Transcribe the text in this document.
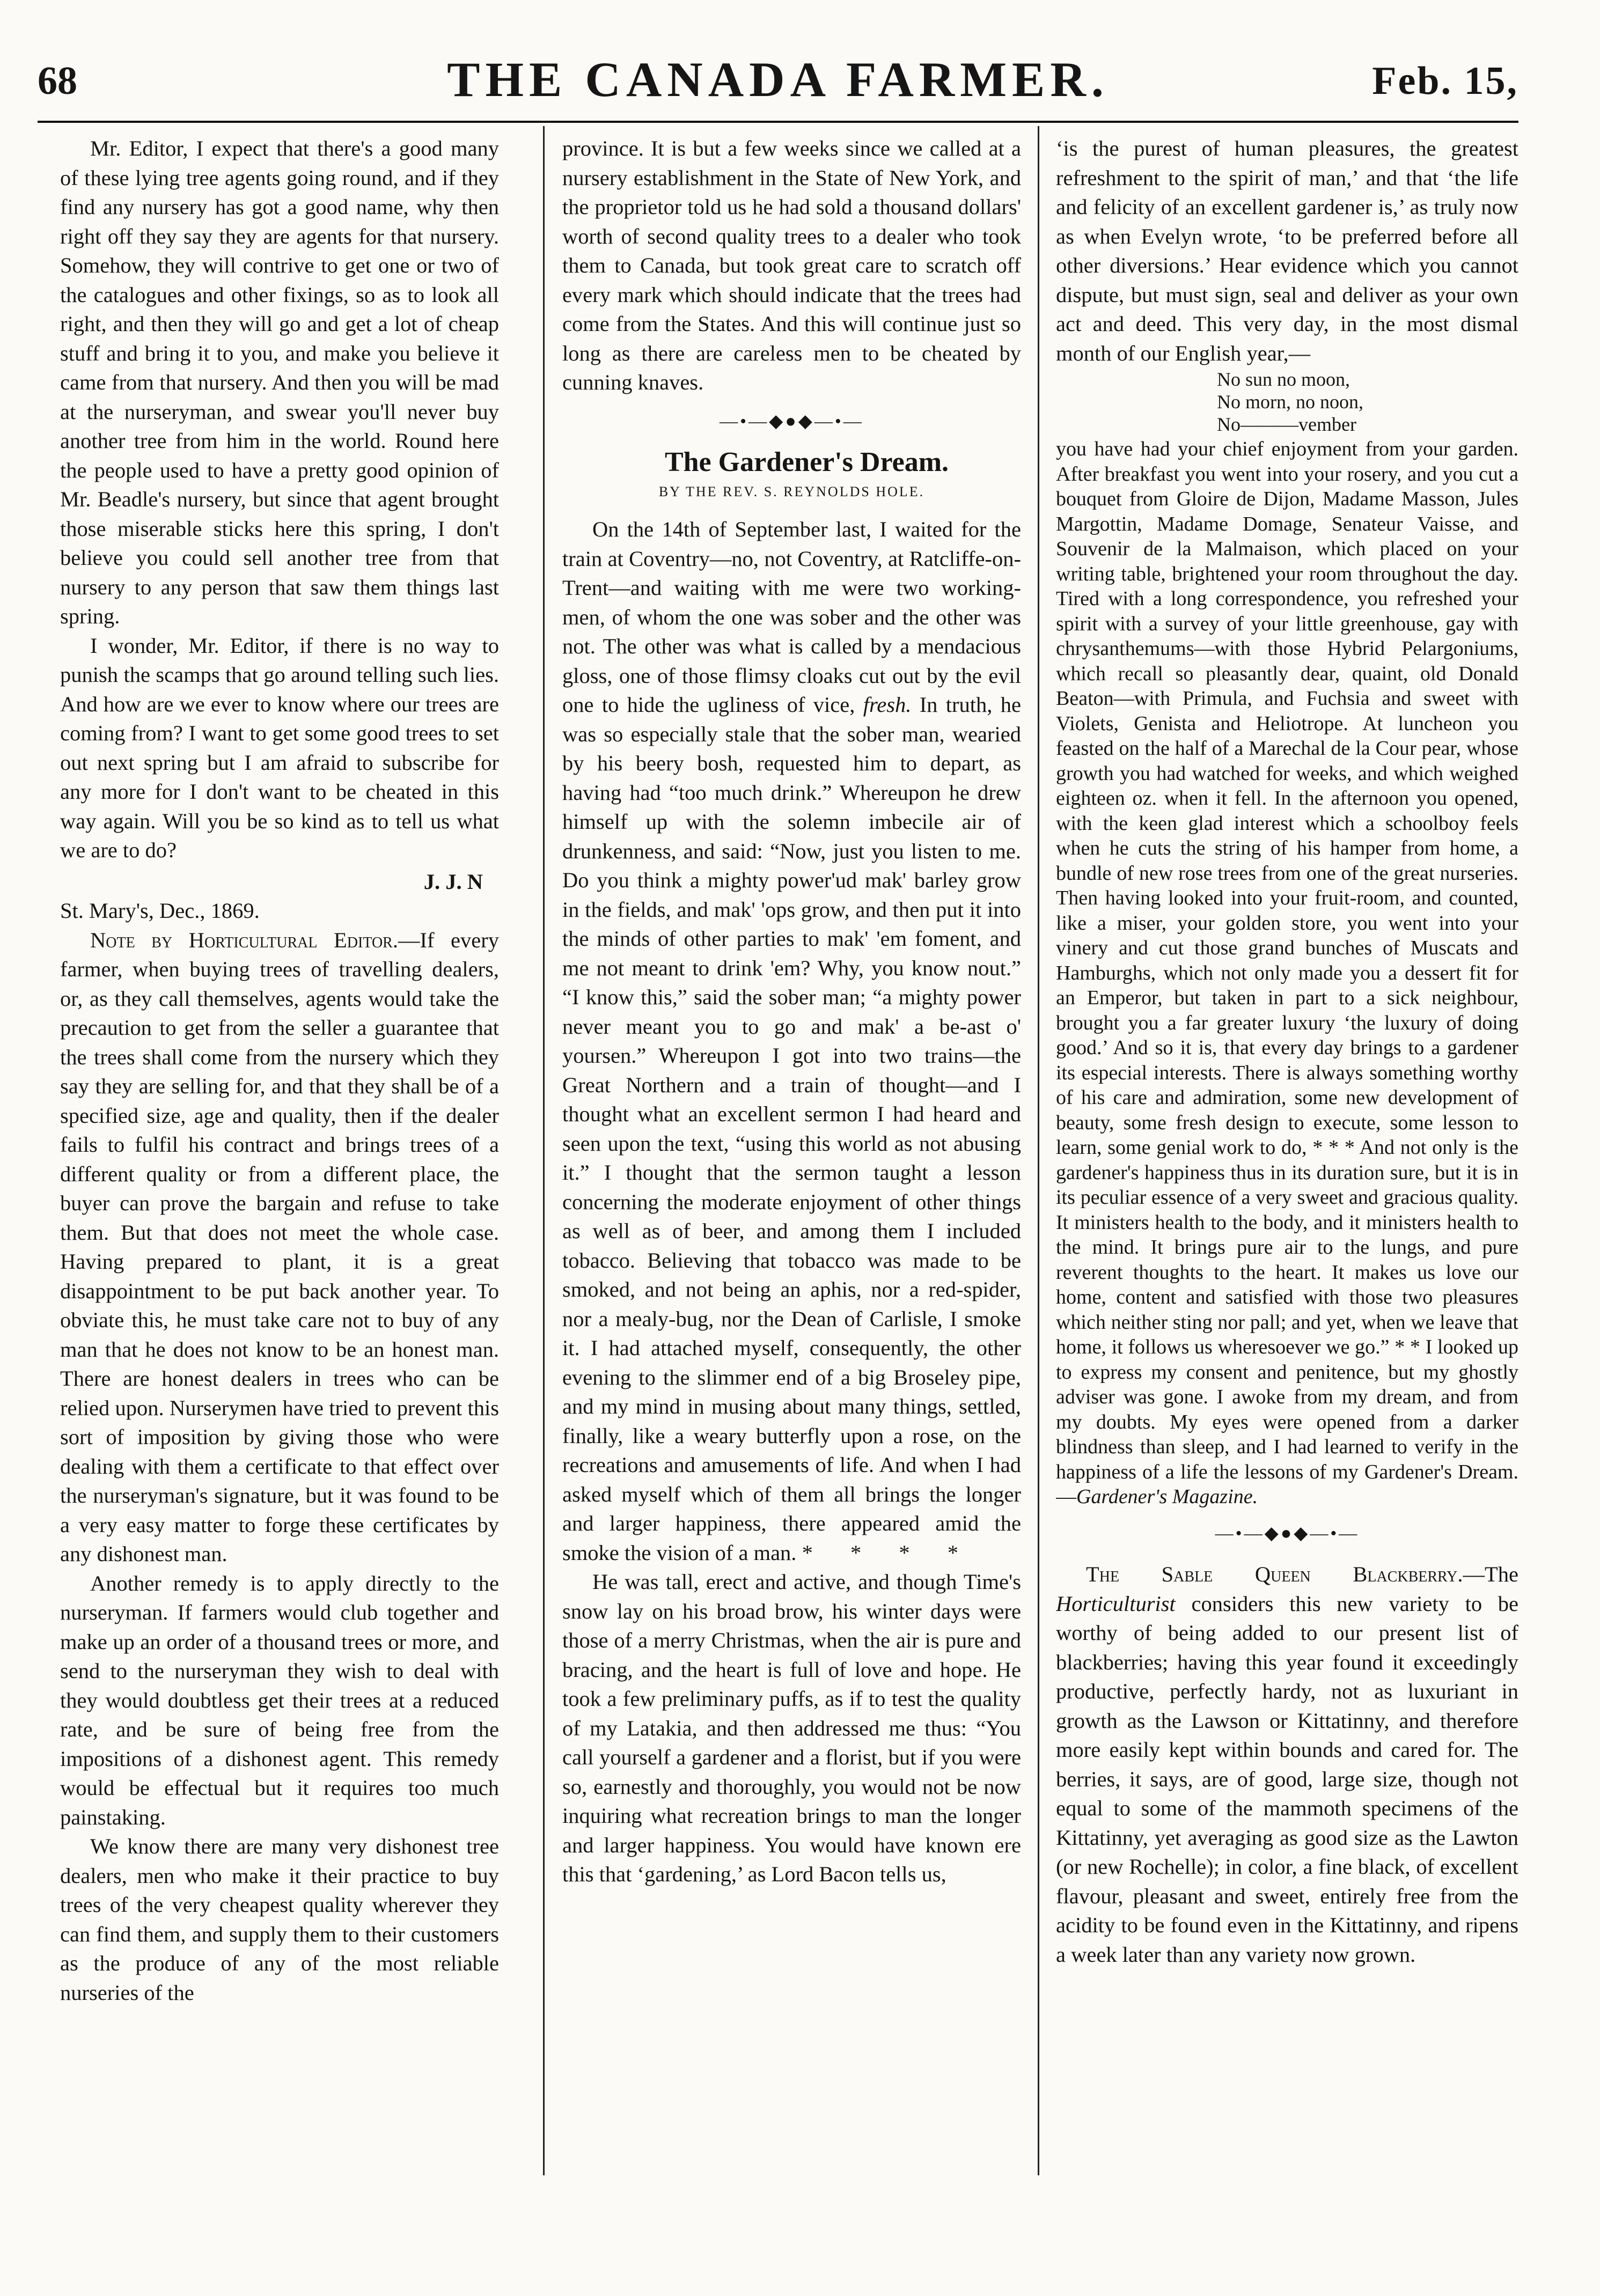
68	THE CANADA FARMER.	Feb. 15,

Mr. Editor, I expect that there's a good many of these lying tree agents going round, and if they find any nursery has got a good name, why then right off they say they are agents for that nursery. Somehow, they will contrive to get one or two of the catalogues and other fixings, so as to look all right, and then they will go and get a lot of cheap stuff and bring it to you, and make you believe it came from that nursery. And then you will be mad at the nurseryman, and swear you'll never buy another tree from him in the world. Round here the people used to have a pretty good opinion of Mr. Beadle's nursery, but since that agent brought those miserable sticks here this spring, I don't believe you could sell another tree from that nursery to any person that saw them things last spring.

I wonder, Mr. Editor, if there is no way to punish the scamps that go around telling such lies. And how are we ever to know where our trees are coming from? I want to get some good trees to set out next spring but I am afraid to subscribe for any more for I don't want to be cheated in this way again. Will you be so kind as to tell us what we are to do?

J. J. N

St. Mary's, Dec., 1869.

Note by Horticultural Editor.—If every farmer, when buying trees of travelling dealers, or, as they call themselves, agents would take the precaution to get from the seller a guarantee that the trees shall come from the nursery which they say they are selling for, and that they shall be of a specified size, age and quality, then if the dealer fails to fulfil his contract and brings trees of a different quality or from a different place, the buyer can prove the bargain and refuse to take them. But that does not meet the whole case. Having prepared to plant, it is a great disappointment to be put back another year. To obviate this, he must take care not to buy of any man that he does not know to be an honest man. There are honest dealers in trees who can be relied upon. Nurserymen have tried to prevent this sort of imposition by giving those who were dealing with them a certificate to that effect over the nurseryman's signature, but it was found to be a very easy matter to forge these certificates by any dishonest man.

Another remedy is to apply directly to the nurseryman. If farmers would club together and make up an order of a thousand trees or more, and send to the nurseryman they wish to deal with they would doubtless get their trees at a reduced rate, and be sure of being free from the impositions of a dishonest agent. This remedy would be effectual but it requires too much painstaking.

We know there are many very dishonest tree dealers, men who make it their practice to buy trees of the very cheapest quality wherever they can find them, and supply them to their customers as the produce of any of the most reliable nurseries of the

province. It is but a few weeks since we called at a nursery establishment in the State of New York, and the proprietor told us he had sold a thousand dollars' worth of second quality trees to a dealer who took them to Canada, but took great care to scratch off every mark which should indicate that the trees had come from the States. And this will continue just so long as there are careless men to be cheated by cunning knaves.

—•—◆●◆—•—

The Gardener's Dream.

BY THE REV. S. REYNOLDS HOLE.

On the 14th of September last, I waited for the train at Coventry—no, not Coventry, at Ratcliffe-on-Trent—and waiting with me were two working-men, of whom the one was sober and the other was not. The other was what is called by a mendacious gloss, one of those flimsy cloaks cut out by the evil one to hide the ugliness of vice, fresh. In truth, he was so especially stale that the sober man, wearied by his beery bosh, requested him to depart, as having had “too much drink.” Whereupon he drew himself up with the solemn imbecile air of drunkenness, and said: “Now, just you listen to me. Do you think a mighty power'ud mak' barley grow in the fields, and mak' 'ops grow, and then put it into the minds of other parties to mak' 'em foment, and me not meant to drink 'em? Why, you know nout.” “I know this,” said the sober man; “a mighty power never meant you to go and mak' a be-ast o' yoursen.” Whereupon I got into two trains—the Great Northern and a train of thought—and I thought what an excellent sermon I had heard and seen upon the text, “using this world as not abusing it.” I thought that the sermon taught a lesson concerning the moderate enjoyment of other things as well as of beer, and among them I included tobacco. Believing that tobacco was made to be smoked, and not being an aphis, nor a red-spider, nor a mealy-bug, nor the Dean of Carlisle, I smoke it. I had attached myself, consequently, the other evening to the slimmer end of a big Broseley pipe, and my mind in musing about many things, settled, finally, like a weary butterfly upon a rose, on the recreations and amusements of life. And when I had asked myself which of them all brings the longer and larger happiness, there appeared amid the smoke the vision of a man. * * * *

He was tall, erect and active, and though Time's snow lay on his broad brow, his winter days were those of a merry Christmas, when the air is pure and bracing, and the heart is full of love and hope. He took a few preliminary puffs, as if to test the quality of my Latakia, and then addressed me thus: “You call yourself a gardener and a florist, but if you were so, earnestly and thoroughly, you would not be now inquiring what recreation brings to man the longer and larger happiness. You would have known ere this that ‘gardening,’ as Lord Bacon tells us,

‘is the purest of human pleasures, the greatest refreshment to the spirit of man,’ and that ‘the life and felicity of an excellent gardener is,’ as truly now as when Evelyn wrote, ‘to be preferred before all other diversions.’ Hear evidence which you cannot dispute, but must sign, seal and deliver as your own act and deed. This very day, in the most dismal month of our English year,—

No sun no moon,
No morn, no noon,
No———vember

you have had your chief enjoyment from your garden. After breakfast you went into your rosery, and you cut a bouquet from Gloire de Dijon, Madame Masson, Jules Margottin, Madame Domage, Senateur Vaisse, and Souvenir de la Malmaison, which placed on your writing table, brightened your room throughout the day. Tired with a long correspondence, you refreshed your spirit with a survey of your little greenhouse, gay with chrysanthemums—with those Hybrid Pelargoniums, which recall so pleasantly dear, quaint, old Donald Beaton—with Primula, and Fuchsia and sweet with Violets, Genista and Heliotrope. At luncheon you feasted on the half of a Marechal de la Cour pear, whose growth you had watched for weeks, and which weighed eighteen oz. when it fell. In the afternoon you opened, with the keen glad interest which a schoolboy feels when he cuts the string of his hamper from home, a bundle of new rose trees from one of the great nurseries. Then having looked into your fruit-room, and counted, like a miser, your golden store, you went into your vinery and cut those grand bunches of Muscats and Hamburghs, which not only made you a dessert fit for an Emperor, but taken in part to a sick neighbour, brought you a far greater luxury ‘the luxury of doing good.’ And so it is, that every day brings to a gardener its especial interests. There is always something worthy of his care and admiration, some new development of beauty, some fresh design to execute, some lesson to learn, some genial work to do, * * * And not only is the gardener's happiness thus in its duration sure, but it is in its peculiar essence of a very sweet and gracious quality. It ministers health to the body, and it ministers health to the mind. It brings pure air to the lungs, and pure reverent thoughts to the heart. It makes us love our home, content and satisfied with those two pleasures which neither sting nor pall; and yet, when we leave that home, it follows us wheresoever we go.” * * I looked up to express my consent and penitence, but my ghostly adviser was gone. I awoke from my dream, and from my doubts. My eyes were opened from a darker blindness than sleep, and I had learned to verify in the happiness of a life the lessons of my Gardener's Dream.—Gardener's Magazine.

—•—◆●◆—•—

The Sable Queen Blackberry.—The Horticulturist considers this new variety to be worthy of being added to our present list of blackberries; having this year found it exceedingly productive, perfectly hardy, not as luxuriant in growth as the Lawson or Kittatinny, and therefore more easily kept within bounds and cared for. The berries, it says, are of good, large size, though not equal to some of the mammoth specimens of the Kittatinny, yet averaging as good size as the Lawton (or new Rochelle); in color, a fine black, of excellent flavour, pleasant and sweet, entirely free from the acidity to be found even in the Kittatinny, and ripens a week later than any variety now grown.
